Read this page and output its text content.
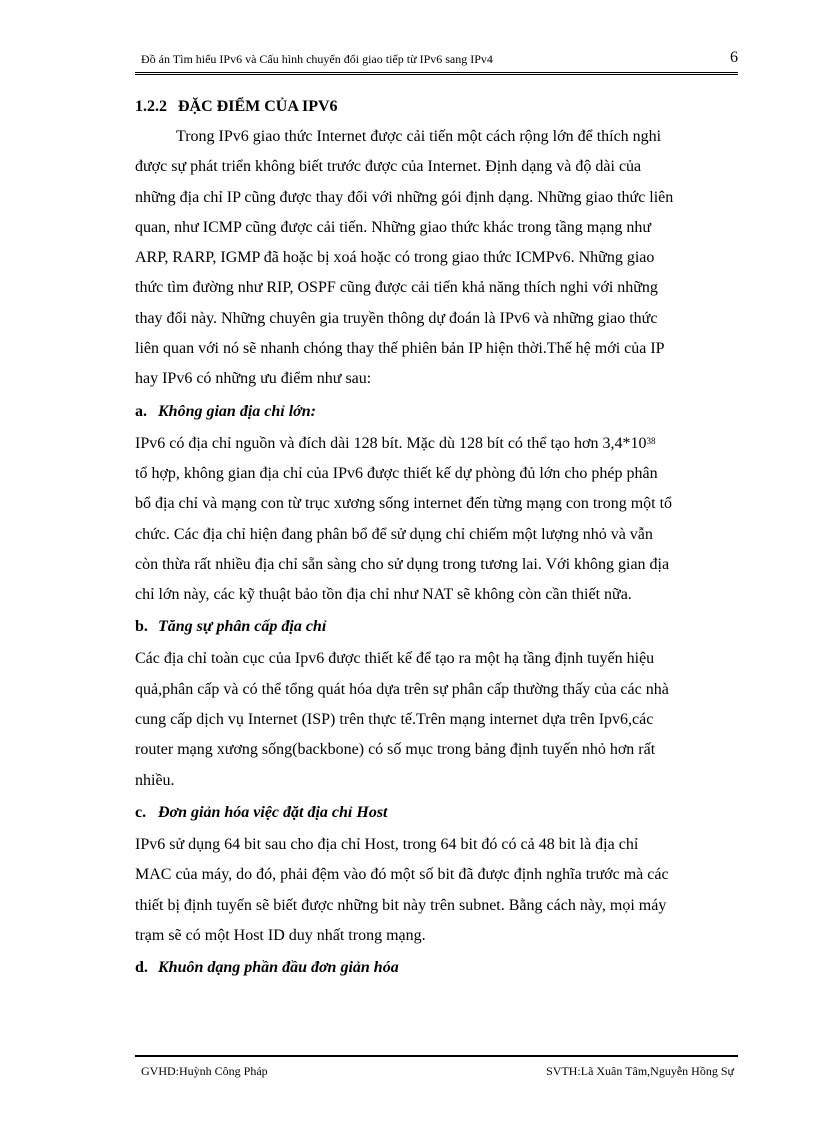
Đồ án Tìm hiểu IPv6 và Cấu hình chuyển đổi giao tiếp từ IPv6 sang IPv4	6
1.2.2 ĐẶC ĐIỂM CỦA IPV6
Trong IPv6 giao thức Internet được cải tiến một cách rộng lớn để thích nghi
được sự phát triển không biết trước được của Internet. Định dạng và độ dài của
những địa chỉ IP cũng được thay đổi với những gói định dạng. Những giao thức liên
quan, như ICMP cũng được cải tiến. Những giao thức khác trong tầng mạng như
ARP, RARP, IGMP đã hoặc bị xoá hoặc có trong giao thức ICMPv6. Những giao
thức tìm đường như RIP, OSPF cũng được cải tiến khả năng thích nghi với những
thay đổi này. Những chuyên gia truyền thông dự đoán là IPv6 và những giao thức
liên quan với nó sẽ nhanh chóng thay thế phiên bản IP hiện thời.Thế hệ mới của IP
hay IPv6 có những ưu điểm như sau:
a. Không gian địa chỉ lớn:
IPv6 có địa chỉ nguồn và đích dài 128 bít. Mặc dù 128 bít có thể tạo hơn $3,4*10^{38}$
tổ hợp, không gian địa chỉ của IPv6 được thiết kế dự phòng đủ lớn cho phép phân
bổ địa chỉ và mạng con từ trục xương sống internet đến từng mạng con trong một tổ
chức. Các địa chỉ hiện đang phân bổ để sử dụng chỉ chiếm một lượng nhỏ và vẫn
còn thừa rất nhiều địa chỉ sẵn sàng cho sử dụng trong tương lai. Với không gian địa
chỉ lớn này, các kỹ thuật bảo tồn địa chỉ như NAT sẽ không còn cần thiết nữa.
b. Tăng sự phân cấp địa chỉ
Các địa chỉ toàn cục của Ipv6 được thiết kế để tạo ra một hạ tầng định tuyến hiệu
quả,phân cấp và có thể tổng quát hóa dựa trên sự phân cấp thường thấy của các nhà
cung cấp dịch vụ Internet (ISP) trên thực tế.Trên mạng internet dựa trên Ipv6,các
router mạng xương sống(backbone) có số mục trong bảng định tuyến nhỏ hơn rất
nhiều.
c. Đơn giản hóa việc đặt địa chỉ Host
IPv6 sử dụng 64 bit sau cho địa chỉ Host, trong 64 bit đó có cả 48 bit là địa chỉ
MAC của máy, do đó, phải đệm vào đó một số bit đã được định nghĩa trước mà các
thiết bị định tuyến sẽ biết được những bit này trên subnet. Bằng cách này, mọi máy
trạm sẽ có một Host ID duy nhất trong mạng.
d. Khuôn dạng phần đầu đơn giản hóa
GVHD:Huỳnh Công Pháp	SVTH:Lã Xuân Tâm,Nguyễn Hồng Sự
